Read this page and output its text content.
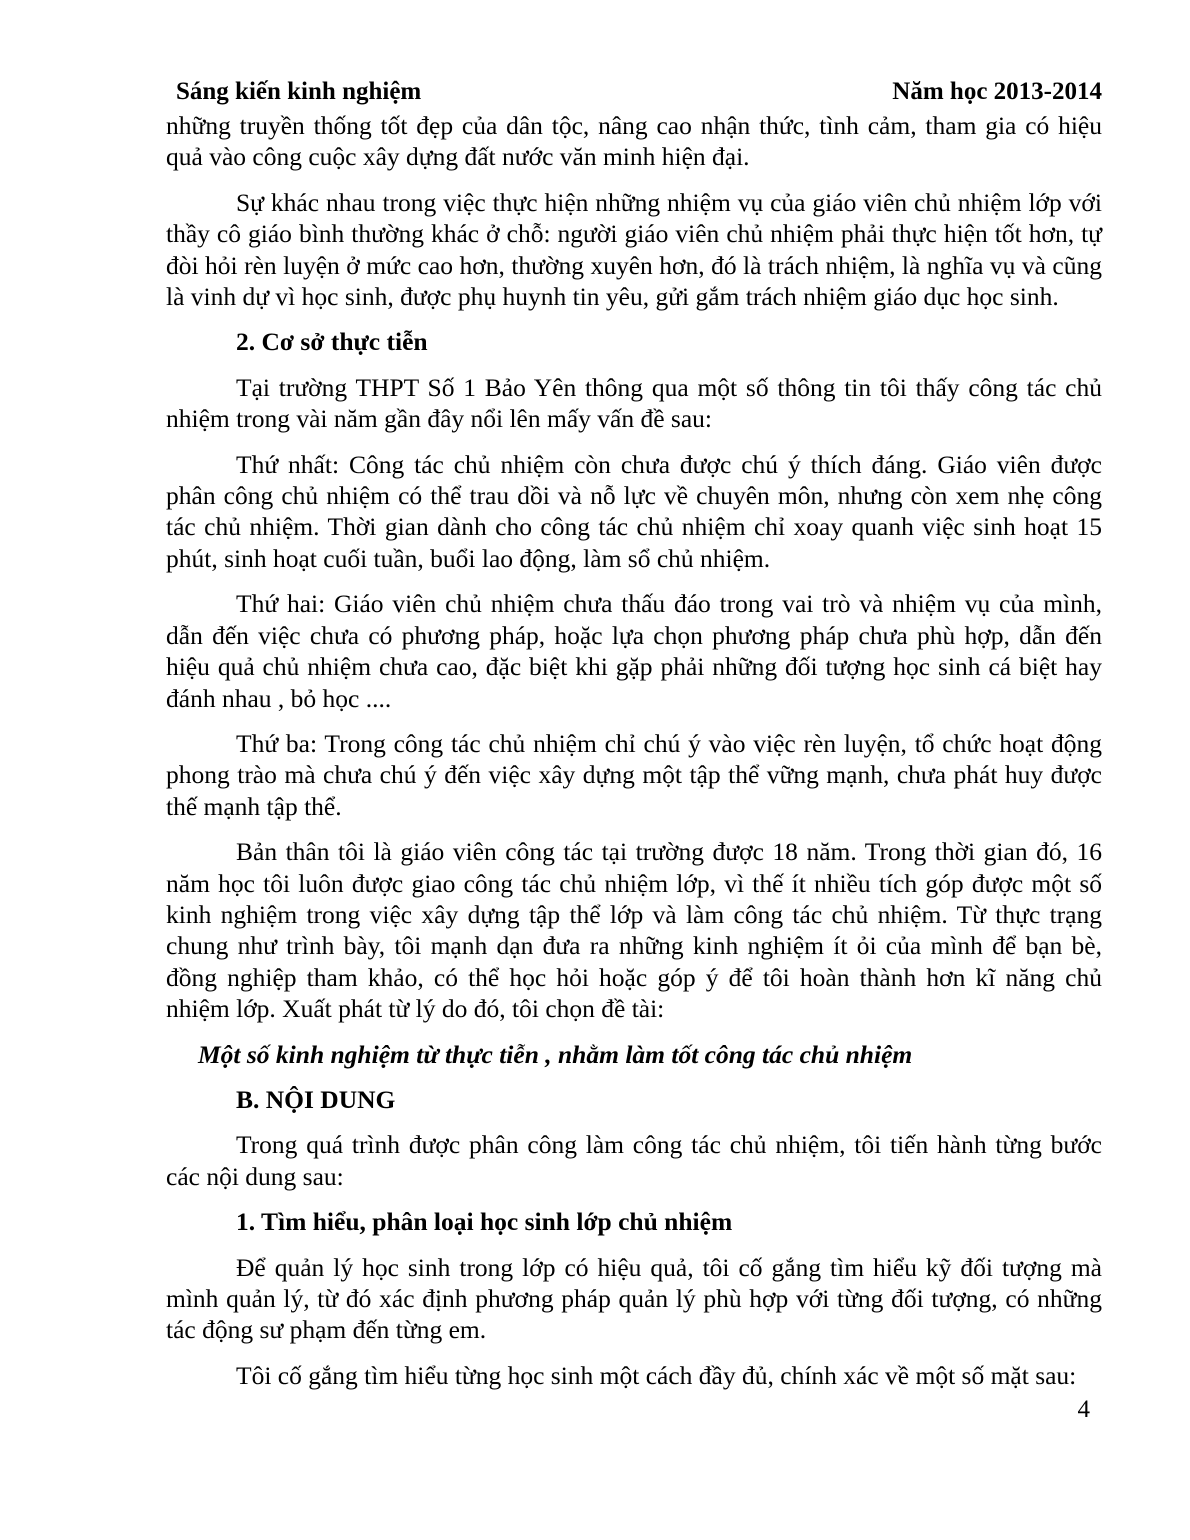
Sáng kiến kinh nghiệm	Năm học 2013-2014

những truyền thống tốt đẹp của dân tộc, nâng cao nhận thức, tình cảm, tham gia có hiệu quả vào công cuộc xây dựng đất nước văn minh hiện đại.

Sự khác nhau trong việc thực hiện những nhiệm vụ của giáo viên chủ nhiệm lớp với thầy cô giáo bình thường khác ở chỗ: người giáo viên chủ nhiệm phải thực hiện tốt hơn, tự đòi hỏi rèn luyện ở mức cao hơn, thường xuyên hơn, đó là trách nhiệm, là nghĩa vụ và cũng là vinh dự vì học sinh, được phụ huynh tin yêu, gửi gắm trách nhiệm giáo dục học sinh.

2. Cơ sở thực tiễn

Tại trường THPT Số 1 Bảo Yên thông qua một số thông tin tôi thấy công tác chủ nhiệm trong vài năm gần đây nổi lên mấy vấn đề sau:

Thứ nhất: Công tác chủ nhiệm còn chưa được chú ý thích đáng. Giáo viên được phân công chủ nhiệm có thể trau dồi và nỗ lực về chuyên môn, nhưng còn xem nhẹ công tác chủ nhiệm. Thời gian dành cho công tác chủ nhiệm chỉ xoay quanh việc sinh hoạt 15 phút, sinh hoạt cuối tuần, buổi lao động, làm sổ chủ nhiệm.

Thứ hai: Giáo viên chủ nhiệm chưa thấu đáo trong vai trò và nhiệm vụ của mình, dẫn đến việc chưa có phương pháp, hoặc lựa chọn phương pháp chưa phù hợp, dẫn đến hiệu quả chủ nhiệm chưa cao, đặc biệt khi gặp phải những đối tượng học sinh cá biệt hay đánh nhau , bỏ học ....

Thứ ba: Trong công tác chủ nhiệm chỉ chú ý vào việc rèn luyện, tổ chức hoạt động phong trào mà chưa chú ý đến việc xây dựng một tập thể vững mạnh, chưa phát huy được thế mạnh tập thể.

Bản thân tôi là giáo viên công tác tại trường được 18 năm. Trong thời gian đó, 16 năm học tôi luôn được giao công tác chủ nhiệm lớp, vì thế ít nhiều tích góp được một số kinh nghiệm trong việc xây dựng tập thể lớp và làm công tác chủ nhiệm. Từ thực trạng chung như trình bày, tôi mạnh dạn đưa ra những kinh nghiệm ít ỏi của mình để bạn bè, đồng nghiệp tham khảo, có thể học hỏi hoặc góp ý để tôi hoàn thành hơn kĩ năng chủ nhiệm lớp. Xuất phát từ lý do đó, tôi chọn đề tài:

Một số kinh nghiệm từ thực tiễn , nhằm làm tốt công tác chủ nhiệm

B. NỘI DUNG

Trong quá trình được phân công làm công tác chủ nhiệm, tôi tiến hành từng bước các nội dung sau:

1. Tìm hiểu, phân loại học sinh lớp chủ nhiệm

Để quản lý học sinh trong lớp có hiệu quả, tôi cố gắng tìm hiểu kỹ đối tượng mà mình quản lý, từ đó xác định phương pháp quản lý phù hợp với từng đối tượng, có những tác động sư phạm đến từng em.

Tôi cố gắng tìm hiểu từng học sinh một cách đầy đủ, chính xác về một số mặt sau:

4
